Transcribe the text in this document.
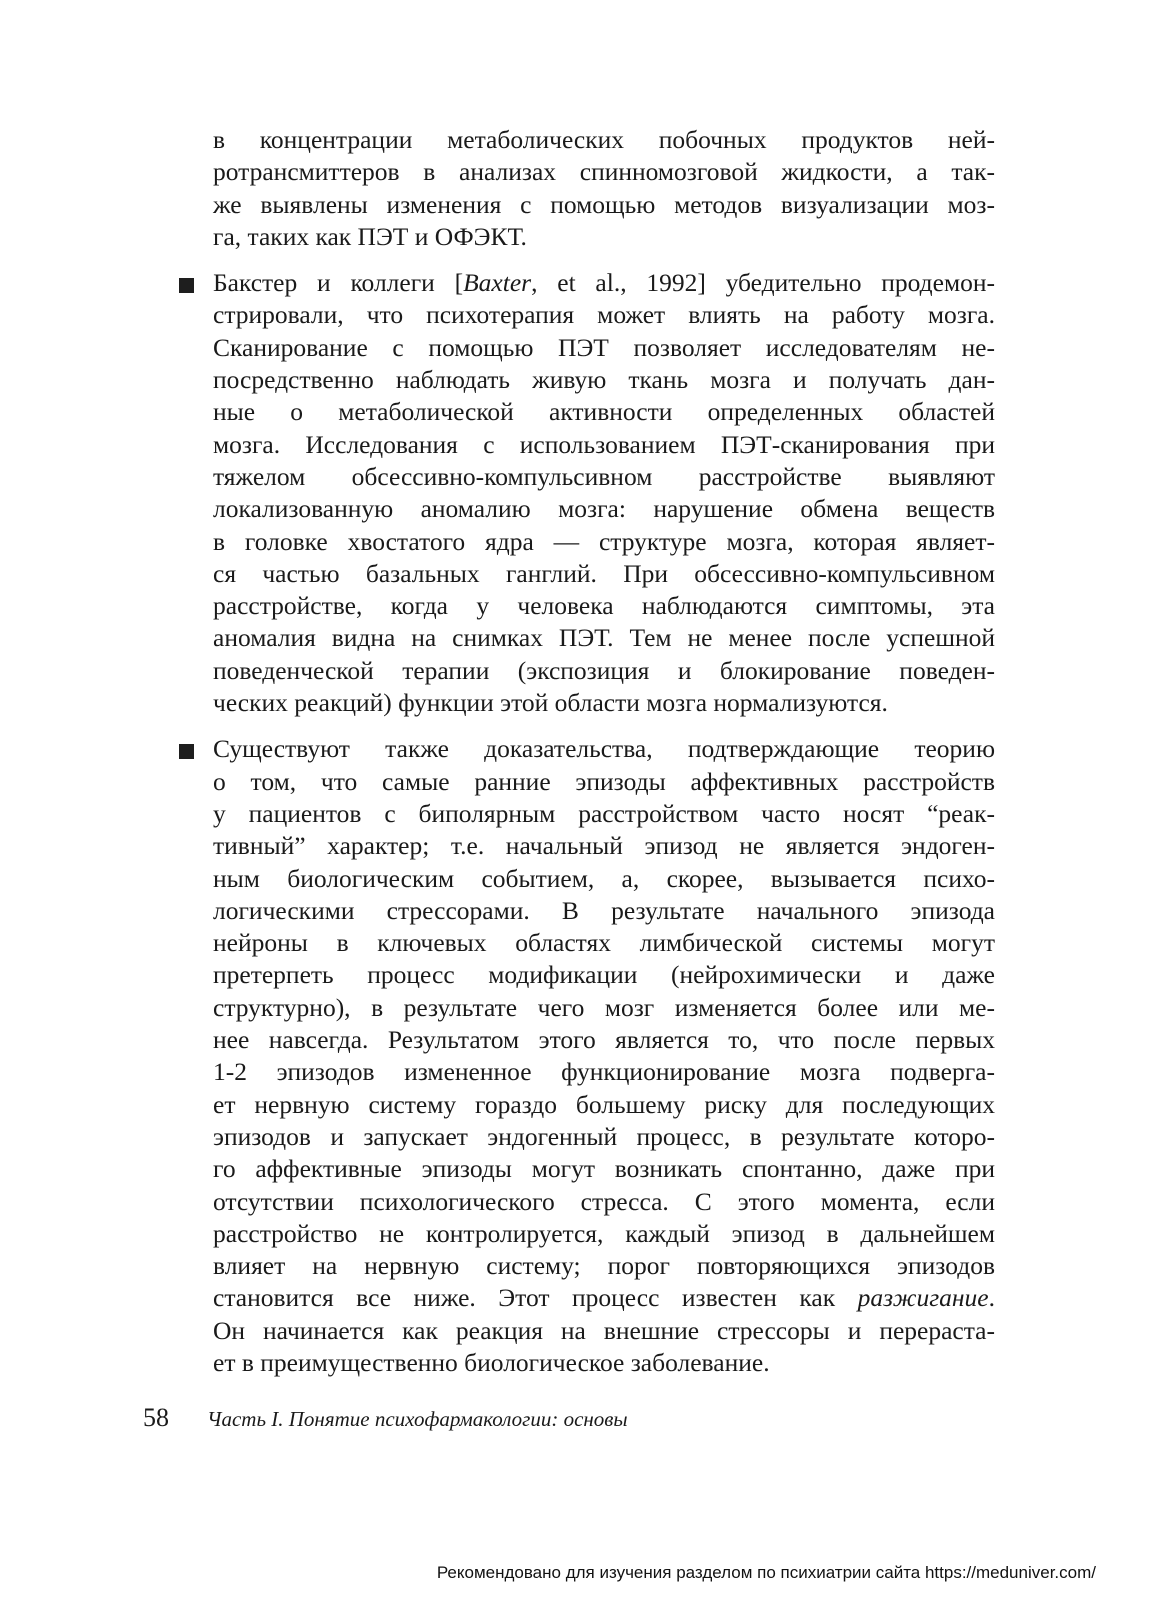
в концентрации метаболических побочных продуктов ней-
ротрансмиттеров в анализах спинномозговой жидкости, а так-
же выявлены изменения с помощью методов визуализации моз-
га, таких как ПЭТ и ОФЭКТ.
Бакстер и коллеги [Baxter, et al., 1992] убедительно продемон-
стрировали, что психотерапия может влиять на работу мозга.
Сканирование с помощью ПЭТ позволяет исследователям не-
посредственно наблюдать живую ткань мозга и получать дан-
ные о метаболической активности определенных областей
мозга. Исследования с использованием ПЭТ-сканирования при
тяжелом обсессивно-компульсивном расстройстве выявляют
локализованную аномалию мозга: нарушение обмена веществ
в головке хвостатого ядра — структуре мозга, которая являет-
ся частью базальных ганглий. При обсессивно-компульсивном
расстройстве, когда у человека наблюдаются симптомы, эта
аномалия видна на снимках ПЭТ. Тем не менее после успешной
поведенческой терапии (экспозиция и блокирование поведен-
ческих реакций) функции этой области мозга нормализуются.
Существуют также доказательства, подтверждающие теорию
о том, что самые ранние эпизоды аффективных расстройств
у пациентов с биполярным расстройством часто носят “реак-
тивный” характер; т.е. начальный эпизод не является эндоген-
ным биологическим событием, а, скорее, вызывается психо-
логическими стрессорами. В результате начального эпизода
нейроны в ключевых областях лимбической системы могут
претерпеть процесс модификации (нейрохимически и даже
структурно), в результате чего мозг изменяется более или ме-
нее навсегда. Результатом этого является то, что после первых
1-2 эпизодов измененное функционирование мозга подверга-
ет нервную систему гораздо большему риску для последующих
эпизодов и запускает эндогенный процесс, в результате которо-
го аффективные эпизоды могут возникать спонтанно, даже при
отсутствии психологического стресса. С этого момента, если
расстройство не контролируется, каждый эпизод в дальнейшем
влияет на нервную систему; порог повторяющихся эпизодов
становится все ниже. Этот процесс известен как разжигание.
Он начинается как реакция на внешние стрессоры и перераста-
ет в преимущественно биологическое заболевание.
58 Часть I. Понятие психофармакологии: основы
Рекомендовано для изучения разделом по психиатрии сайта https://meduniver.com/
